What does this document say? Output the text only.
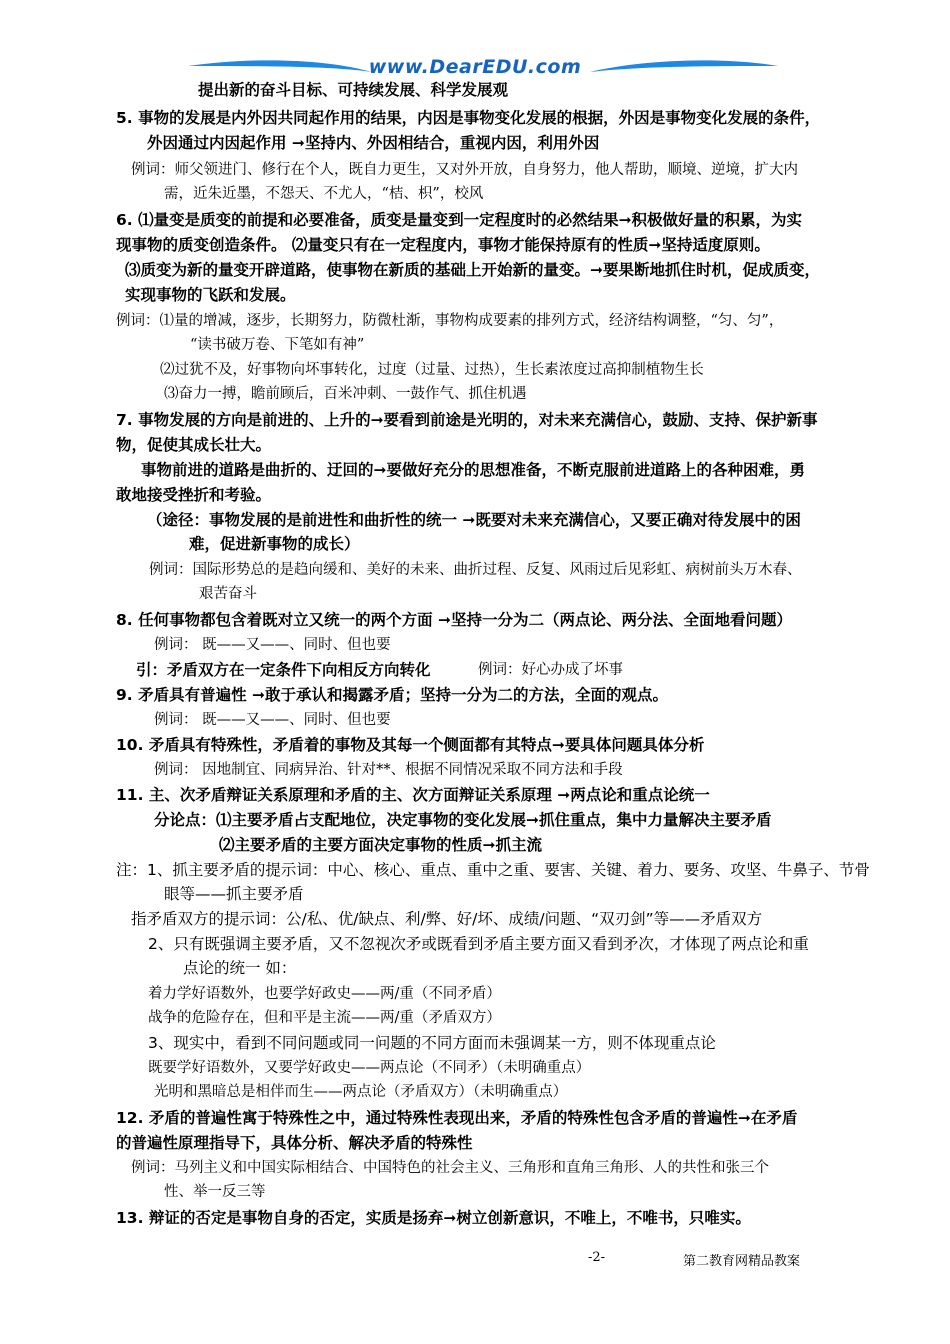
www.DearEDU.com
提出新的奋斗目标、可持续发展、科学发展观
5. 事物的发展是内外因共同起作用的结果，内因是事物变化发展的根据，外因是事物变化发展的条件，
外因通过内因起作用 ➞坚持内、外因相结合，重视内因，利用外因
例词：师父领进门、修行在个人，既自力更生，又对外开放，自身努力，他人帮助，顺境、逆境，扩大内
需，近朱近墨，不怨天、不尤人，“桔、枳”，校风
6. ⑴量变是质变的前提和必要准备，质变是量变到一定程度时的必然结果➞积极做好量的积累，为实
现事物的质变创造条件。 ⑵量变只有在一定程度内，事物才能保持原有的性质➞坚持适度原则。
⑶质变为新的量变开辟道路，使事物在新质的基础上开始新的量变。➞要果断地抓住时机，促成质变，
实现事物的飞跃和发展。
例词：⑴量的增减，逐步，长期努力，防微杜渐，事物构成要素的排列方式，经济结构调整，“匀、匀”，
“读书破万卷、下笔如有神”
⑵过犹不及，好事物向坏事转化，过度（过量、过热），生长素浓度过高抑制植物生长
⑶奋力一搏，瞻前顾后，百米冲刺、一鼓作气、抓住机遇
7. 事物发展的方向是前进的、上升的➞要看到前途是光明的，对未来充满信心，鼓励、支持、保护新事
物，促使其成长壮大。
事物前进的道路是曲折的、迂回的➞要做好充分的思想准备，不断克服前进道路上的各种困难，勇
敢地接受挫折和考验。
（途径：事物发展的是前进性和曲折性的统一 ➞既要对未来充满信心，又要正确对待发展中的困
难，促进新事物的成长）
例词：国际形势总的是趋向缓和、美好的未来、曲折过程、反复、风雨过后见彩虹、病树前头万木春、
艰苦奋斗
8. 任何事物都包含着既对立又统一的两个方面 ➞坚持一分为二（两点论、两分法、全面地看问题）
例词： 既——又——、同时、但也要
引：矛盾双方在一定条件下向相反方向转化	例词：好心办成了坏事
9. 矛盾具有普遍性 ➞敢于承认和揭露矛盾；坚持一分为二的方法，全面的观点。
例词： 既——又——、同时、但也要
10. 矛盾具有特殊性，矛盾着的事物及其每一个侧面都有其特点➞要具体问题具体分析
例词： 因地制宜、同病异治、针对**、根据不同情况采取不同方法和手段
11. 主、次矛盾辩证关系原理和矛盾的主、次方面辩证关系原理 ➞两点论和重点论统一
分论点：⑴主要矛盾占支配地位，决定事物的变化发展➞抓住重点，集中力量解决主要矛盾
⑵主要矛盾的主要方面决定事物的性质➞抓主流
注：1、抓主要矛盾的提示词：中心、核心、重点、重中之重、要害、关键、着力、要务、攻坚、牛鼻子、节骨
眼等——抓主要矛盾
指矛盾双方的提示词：公/私、优/缺点、利/弊、好/坏、成绩/问题、“双刃剑”等——矛盾双方
2、只有既强调主要矛盾，又不忽视次矛或既看到矛盾主要方面又看到矛次，才体现了两点论和重
点论的统一 如：
着力学好语数外，也要学好政史——两/重（不同矛盾）
战争的危险存在，但和平是主流——两/重（矛盾双方）
3、现实中，看到不同问题或同一问题的不同方面而未强调某一方，则不体现重点论
既要学好语数外，又要学好政史——两点论（不同矛）（未明确重点）
光明和黑暗总是相伴而生——两点论（矛盾双方）（未明确重点）
12. 矛盾的普遍性寓于特殊性之中，通过特殊性表现出来，矛盾的特殊性包含矛盾的普遍性➞在矛盾
的普遍性原理指导下，具体分析、解决矛盾的特殊性
例词：马列主义和中国实际相结合、中国特色的社会主义、三角形和直角三角形、人的共性和张三个
性、举一反三等
13. 辩证的否定是事物自身的否定，实质是扬弃➞树立创新意识，不唯上，不唯书，只唯实。
-2-	第二教育网精品教案
